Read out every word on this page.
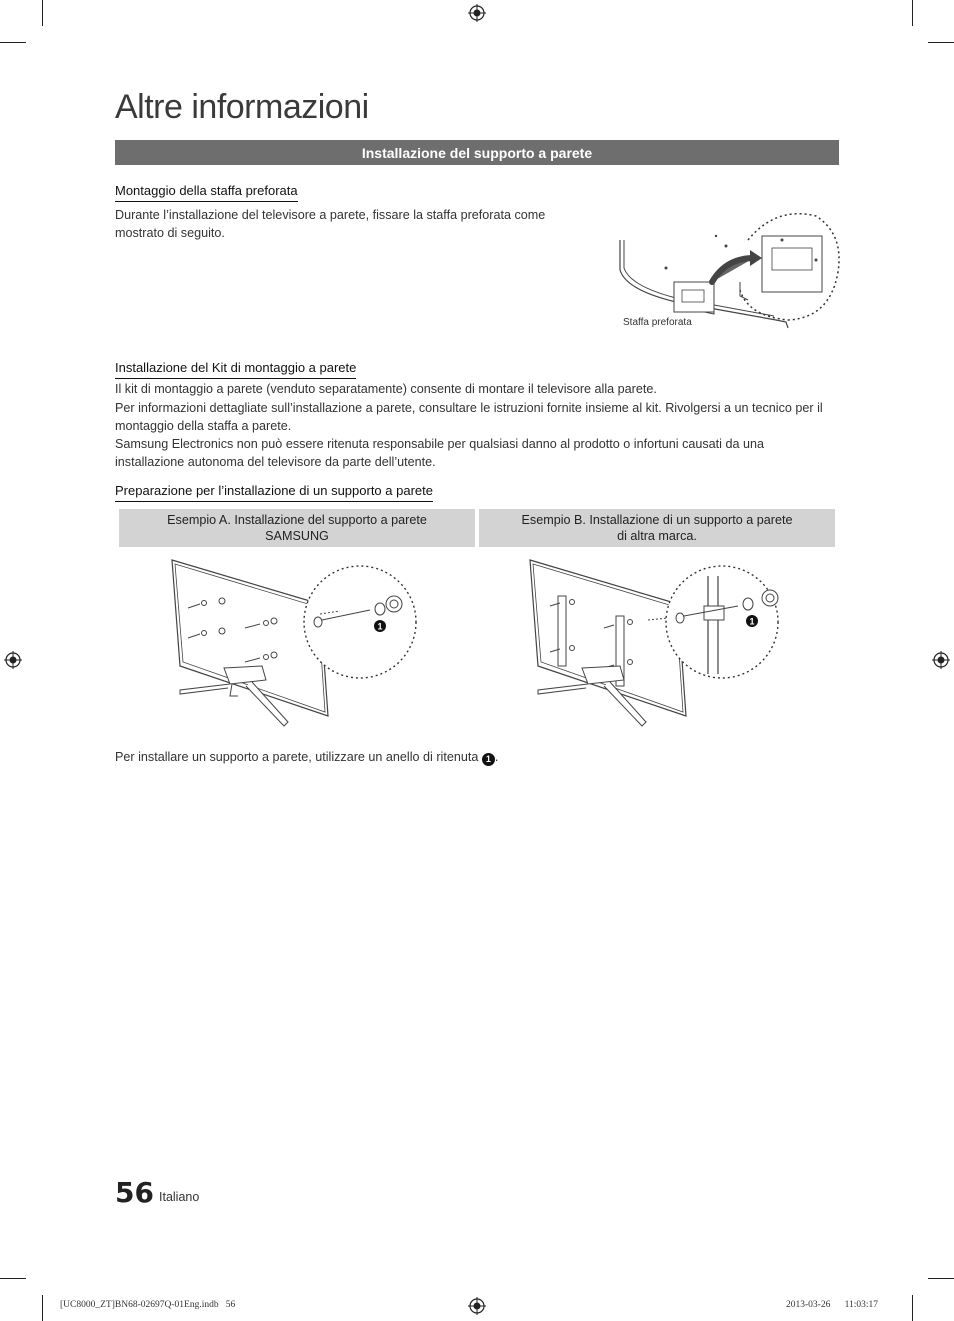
Altre informazioni
Installazione del supporto a parete
Montaggio della staffa preforata
Durante l’installazione del televisore a parete, fissare la staffa preforata come mostrato di seguito.
Staffa preforata
Installazione del Kit di montaggio a parete
Il kit di montaggio a parete (venduto separatamente) consente di montare il televisore alla parete.
Per informazioni dettagliate sull’installazione a parete, consultare le istruzioni fornite insieme al kit. Rivolgersi a un tecnico per il montaggio della staffa a parete.
Samsung Electronics non può essere ritenuta responsabile per qualsiasi danno al prodotto o infortuni causati da una installazione autonoma del televisore da parte dell’utente.
Preparazione per l’installazione di un supporto a parete
Esempio A. Installazione del supporto a parete
SAMSUNG
Esempio B. Installazione di un supporto a parete
di altra marca.
1	1
Per installare un supporto a parete, utilizzare un anello di ritenuta 1 .
56 Italiano
[UC8000_ZT]BN68-02697Q-01Eng.indb   56	2013-03-26      11:03:17
